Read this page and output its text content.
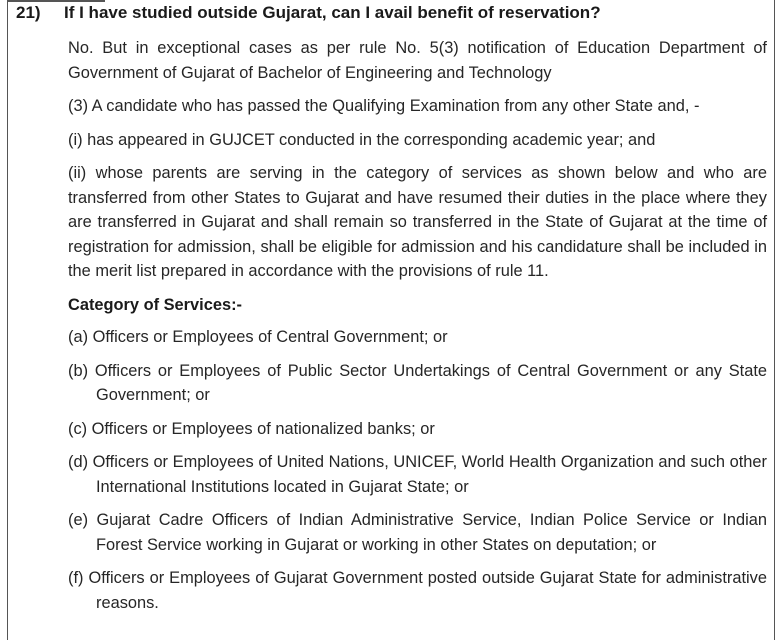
21) If I have studied outside Gujarat, can I avail benefit of reservation?

No. But in exceptional cases as per rule No. 5(3) notification of Education Department of Government of Gujarat of Bachelor of Engineering and Technology

(3) A candidate who has passed the Qualifying Examination from any other State and, -

(i) has appeared in GUJCET conducted in the corresponding academic year; and

(ii) whose parents are serving in the category of services as shown below and who are transferred from other States to Gujarat and have resumed their duties in the place where they are transferred in Gujarat and shall remain so transferred in the State of Gujarat at the time of registration for admission, shall be eligible for admission and his candidature shall be included in the merit list prepared in accordance with the provisions of rule 11.

Category of Services:-

(a) Officers or Employees of Central Government; or

(b) Officers or Employees of Public Sector Undertakings of Central Government or any State Government; or

(c) Officers or Employees of nationalized banks; or

(d) Officers or Employees of United Nations, UNICEF, World Health Organization and such other International Institutions located in Gujarat State; or

(e) Gujarat Cadre Officers of Indian Administrative Service, Indian Police Service or Indian Forest Service working in Gujarat or working in other States on deputation; or

(f) Officers or Employees of Gujarat Government posted outside Gujarat State for administrative reasons.
